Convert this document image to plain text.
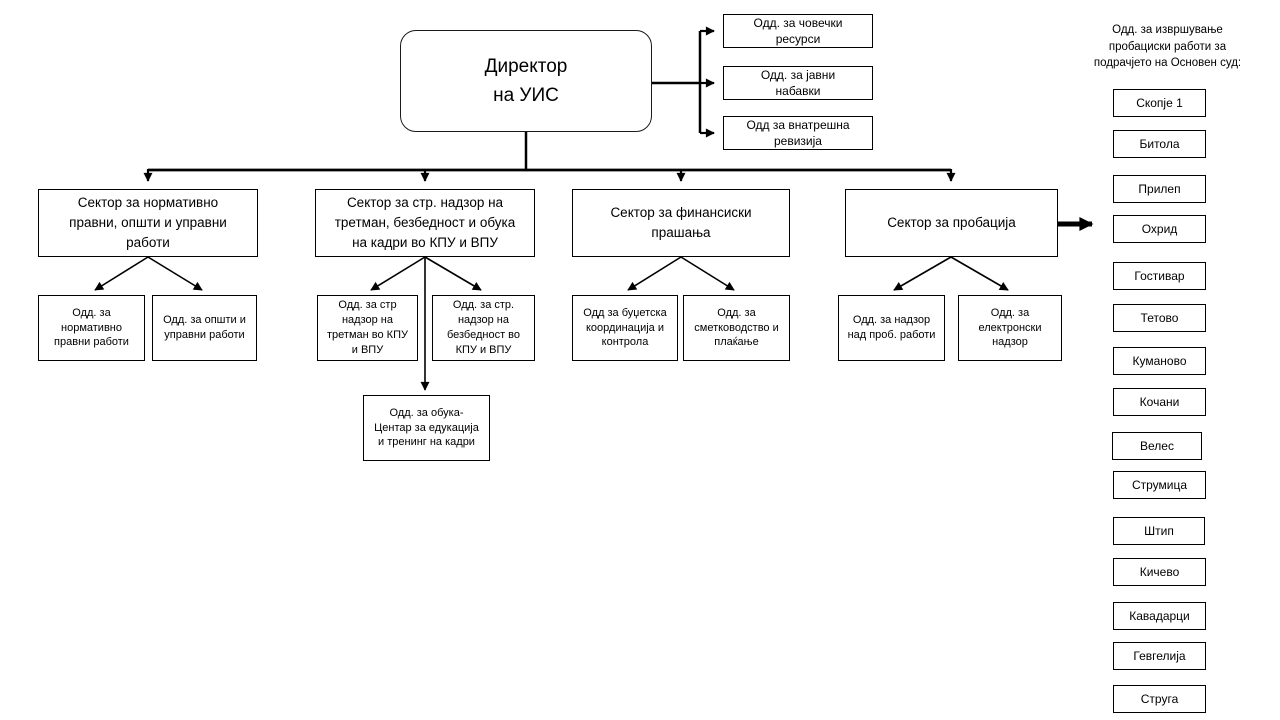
Директор
на УИС
Одд. за човечки
ресурси
Одд. за јавни
набавки
Одд за внатрешна
ревизија
Сектор за нормативно
правни, општи и управни
работи
Сектор за стр. надзор на
третман, безбедност и обука
на кадри во КПУ и ВПУ
Сектор за финансиски
прашања
Сектор за пробација
Одд. за
нормативно
правни работи
Одд. за општи и
управни работи
Одд. за стр
надзор на
третман во КПУ
и ВПУ
Одд. за стр.
надзор на
безбедност во
КПУ и ВПУ
Одд за буџетска
координација и
контрола
Одд. за
сметководство и
плаќање
Одд. за надзор
над проб. работи
Одд. за
електронски
надзор
Одд. за обука-
Центар за едукација
и тренинг на кадри
Одд. за извршување
пробациски работи за
подрачјето на Основен суд:
Скопје 1
Битола
Прилеп
Охрид
Гостивар
Тетово
Куманово
Кочани
Велес
Струмица
Штип
Кичево
Кавадарци
Гевгелија
Струга
